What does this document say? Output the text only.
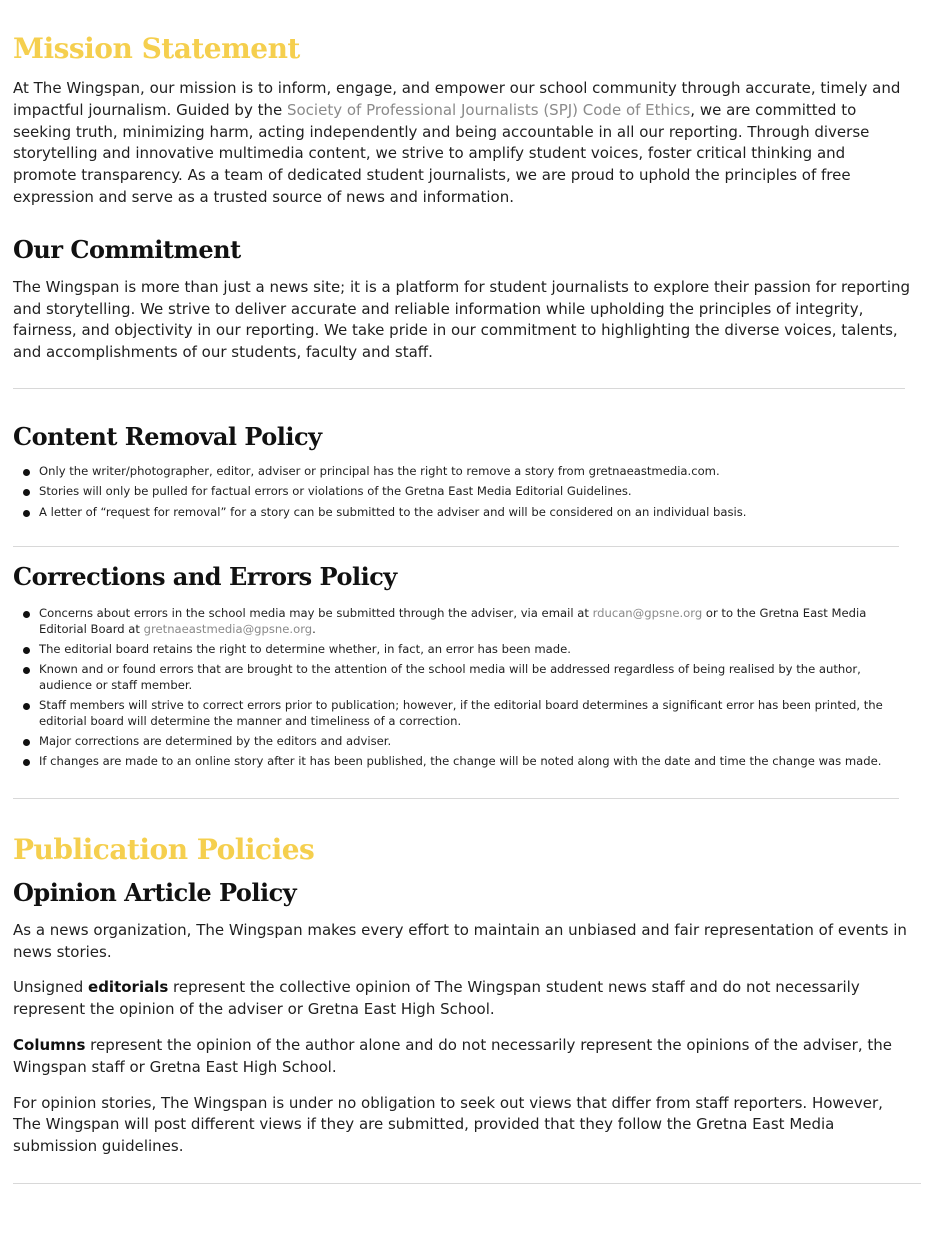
Mission Statement

At The Wingspan, our mission is to inform, engage, and empower our school community through accurate, timely and impactful journalism. Guided by the Society of Professional Journalists (SPJ) Code of Ethics, we are committed to seeking truth, minimizing harm, acting independently and being accountable in all our reporting. Through diverse storytelling and innovative multimedia content, we strive to amplify student voices, foster critical thinking and promote transparency. As a team of dedicated student journalists, we are proud to uphold the principles of free expression and serve as a trusted source of news and information.

Our Commitment

The Wingspan is more than just a news site; it is a platform for student journalists to explore their passion for reporting and storytelling. We strive to deliver accurate and reliable information while upholding the principles of integrity, fairness, and objectivity in our reporting. We take pride in our commitment to highlighting the diverse voices, talents, and accomplishments of our students, faculty and staff.

Content Removal Policy
Only the writer/photographer, editor, adviser or principal has the right to remove a story from gretnaeastmedia.com.
Stories will only be pulled for factual errors or violations of the Gretna East Media Editorial Guidelines.
A letter of “request for removal” for a story can be submitted to the adviser and will be considered on an individual basis.
Corrections and Errors Policy
Concerns about errors in the school media may be submitted through the adviser, via email at rducan@gpsne.org or to the Gretna East Media Editorial Board at gretnaeastmedia@gpsne.org.
The editorial board retains the right to determine whether, in fact, an error has been made.
Known and or found errors that are brought to the attention of the school media will be addressed regardless of being realised by the author, audience or staff member.
Staff members will strive to correct errors prior to publication; however, if the editorial board determines a significant error has been printed, the editorial board will determine the manner and timeliness of a correction.
Major corrections are determined by the editors and adviser.
If changes are made to an online story after it has been published, the change will be noted along with the date and time the change was made.
Publication Policies
Opinion Article Policy

As a news organization, The Wingspan makes every effort to maintain an unbiased and fair representation of events in news stories.

Unsigned editorials represent the collective opinion of The Wingspan student news staff and do not necessarily represent the opinion of the adviser or Gretna East High School.

Columns represent the opinion of the author alone and do not necessarily represent the opinions of the adviser, the Wingspan staff or Gretna East High School.

For opinion stories, The Wingspan is under no obligation to seek out views that differ from staff reporters. However, The Wingspan will post different views if they are submitted, provided that they follow the Gretna East Media submission guidelines.
